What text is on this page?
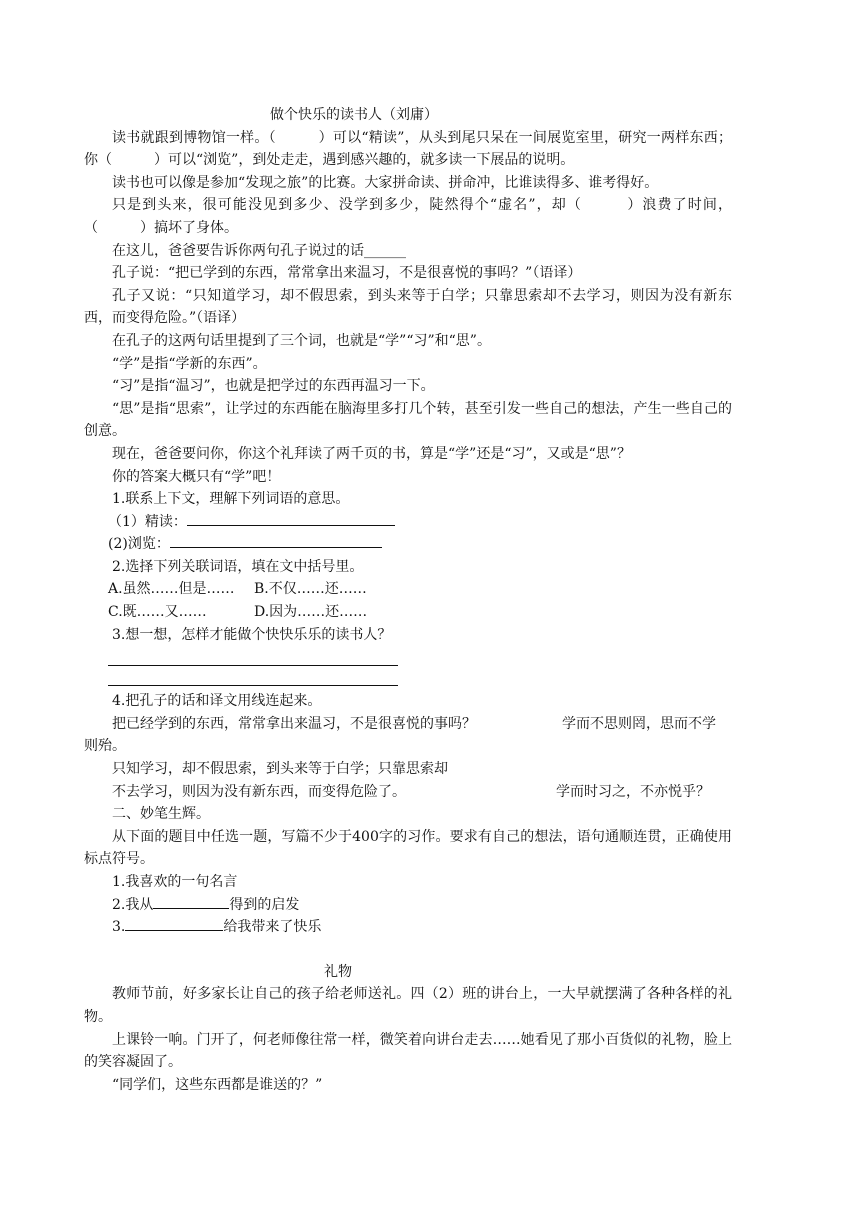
做个快乐的读书人（刘庸）
读书就跟到博物馆一样。（　　　）可以“精读”，从头到尾只呆在一间展览室里，研究一两样东西；你（　　　）可以“浏览”，到处走走，遇到感兴趣的，就多读一下展品的说明。
读书也可以像是参加“发现之旅”的比赛。大家拼命读、拼命冲，比谁读得多、谁考得好。
只是到头来，很可能没见到多少、没学到多少，陡然得个“虚名”，却（　　　）浪费了时间，（　　　）搞坏了身体。
在这儿，爸爸要告诉你两句孔子说过的话______
孔子说：“把已学到的东西，常常拿出来温习，不是很喜悦的事吗？”（语译）
孔子又说：“只知道学习，却不假思索，到头来等于白学；只靠思索却不去学习，则因为没有新东西，而变得危险。”（语译）
在孔子的这两句话里提到了三个词，也就是“学”“习”和“思”。
“学”是指“学新的东西”。
“习”是指“温习”，也就是把学过的东西再温习一下。
“思”是指“思索”，让学过的东西能在脑海里多打几个转，甚至引发一些自己的想法，产生一些自己的创意。
现在，爸爸要问你，你这个礼拜读了两千页的书，算是“学”还是“习”，又或是“思”？
你的答案大概只有“学”吧！
1.联系上下文，理解下列词语的意思。
（1）精读：
(2)浏览：
2.选择下列关联词语，填在文中括号里。
A.虽然……但是…… B.不仅……还……
C.既……又……	D.因为……还……
3.想一想，怎样才能做个快快乐乐的读书人？
4.把孔子的话和译文用线连起来。
把已经学到的东西，常常拿出来温习，不是很喜悦的事吗？	学而不思则罔，思而不学
则殆。
只知学习，却不假思索，到头来等于白学；只靠思索却
不去学习，则因为没有新东西，而变得危险了。	学而时习之，不亦悦乎？
二、妙笔生辉。
从下面的题目中任选一题，写篇不少于400字的习作。要求有自己的想法，语句通顺连贯，正确使用标点符号。
1.我喜欢的一句名言
2.我从	得到的启发
3.	给我带来了快乐
礼物
教师节前，好多家长让自己的孩子给老师送礼。四（2）班的讲台上，一大早就摆满了各种各样的礼物。
上课铃一响。门开了，何老师像往常一样，微笑着向讲台走去……她看见了那小百货似的礼物，脸上的笑容凝固了。
“同学们，这些东西都是谁送的？”
